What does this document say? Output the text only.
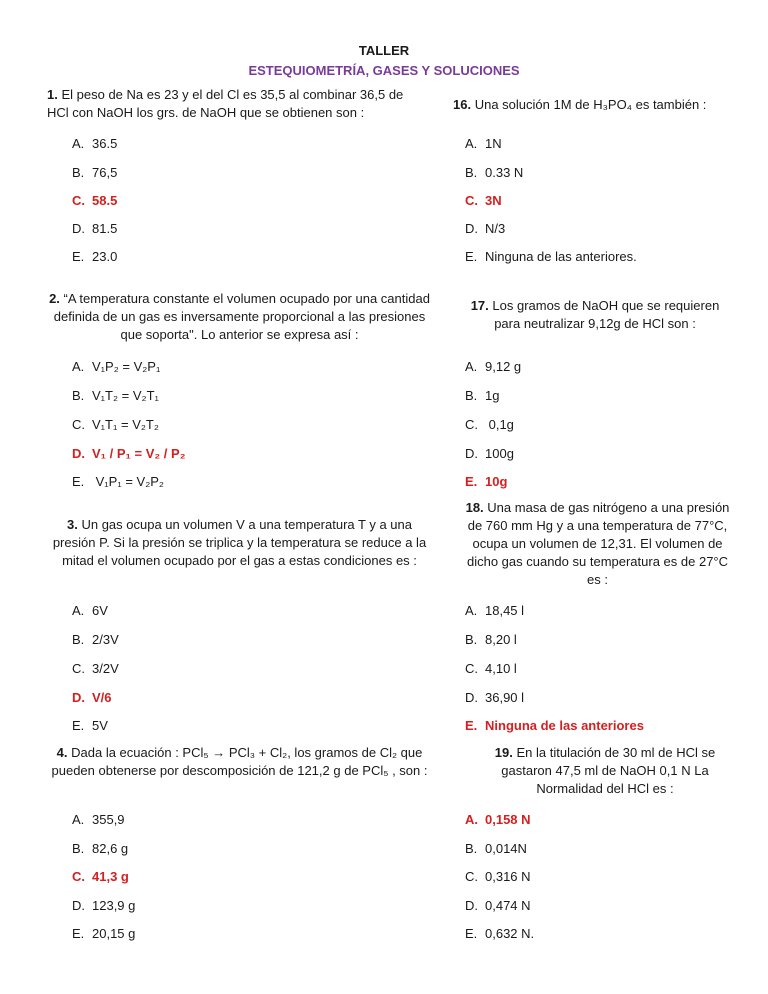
TALLER
ESTEQUIOMETRÍA, GASES Y SOLUCIONES
1. El peso de Na es 23 y el del Cl es 35,5 al combinar 36,5 de HCl con NaOH los grs. de NaOH que se obtienen son :
A. 36.5
B. 76,5
C. 58.5
D. 81.5
E. 23.0
2. “A temperatura constante el volumen ocupado por una cantidad definida de un gas es inversamente proporcional a las presiones que soporta". Lo anterior se expresa así :
A. V₁P₂ = V₂P₁
B. V₁T₂ = V₂T₁
C. V₁T₁ = V₂T₂
D. V₁ / P₁ = V₂ / P₂
E. V₁P₁ = V₂P₂
3. Un gas ocupa un volumen V a una temperatura T y a una presión P. Si la presión se triplica y la temperatura se reduce a la mitad el volumen ocupado por el gas a estas condiciones es :
A. 6V
B. 2/3V
C. 3/2V
D. V/6
E. 5V
4. Dada la ecuación : PCl₅ → PCl₃ + Cl₂, los gramos de Cl₂ que pueden obtenerse por descomposición de 121,2 g de PCl₅ , son :
A. 355,9
B. 82,6 g
C. 41,3 g
D. 123,9 g
E. 20,15 g
16. Una solución 1M de H₃PO₄ es también :
A. 1N
B. 0.33 N
C. 3N
D. N/3
E. Ninguna de las anteriores.
17. Los gramos de NaOH que se requieren para neutralizar 9,12g de HCl son :
A. 9,12 g
B. 1g
C. 0,1g
D. 100g
E. 10g
18. Una masa de gas nitrógeno a una presión de 760 mm Hg y a una temperatura de 77°C, ocupa un volumen de 12,31. El volumen de dicho gas cuando su temperatura es de 27°C es :
A. 18,45 l
B. 8,20 l
C. 4,10 l
D. 36,90 l
E. Ninguna de las anteriores
19. En la titulación de 30 ml de HCl se gastaron 47,5 ml de NaOH 0,1 N La Normalidad del HCl es :
A. 0,158 N
B. 0,014N
C. 0,316 N
D. 0,474 N
E. 0,632 N.
